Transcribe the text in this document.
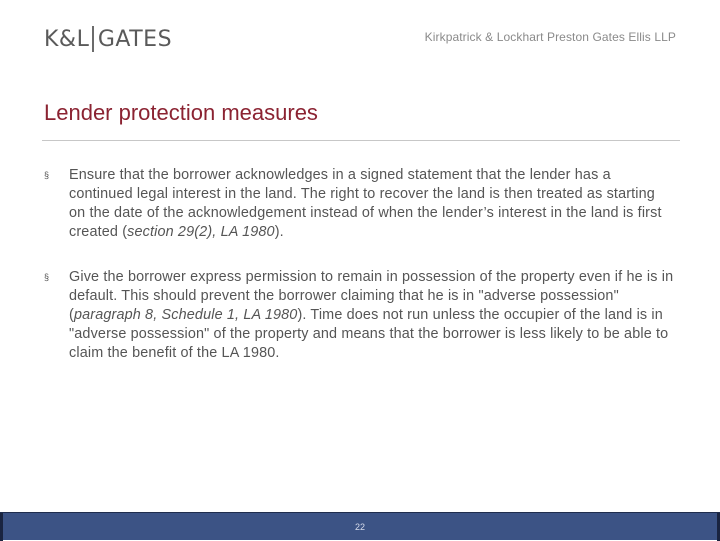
K&L GATES	Kirkpatrick & Lockhart Preston Gates Ellis LLP
Lender protection measures
§	Ensure that the borrower acknowledges in a signed statement that the lender has a continued legal interest in the land. The right to recover the land is then treated as starting on the date of the acknowledgement instead of when the lender’s interest in the land is first created (section 29(2), LA 1980).
§	Give the borrower express permission to remain in possession of the property even if he is in default. This should prevent the borrower claiming that he is in "adverse possession" (paragraph 8, Schedule 1, LA 1980). Time does not run unless the occupier of the land is in "adverse possession" of the property and means that the borrower is less likely to be able to claim the benefit of the LA 1980.
22
